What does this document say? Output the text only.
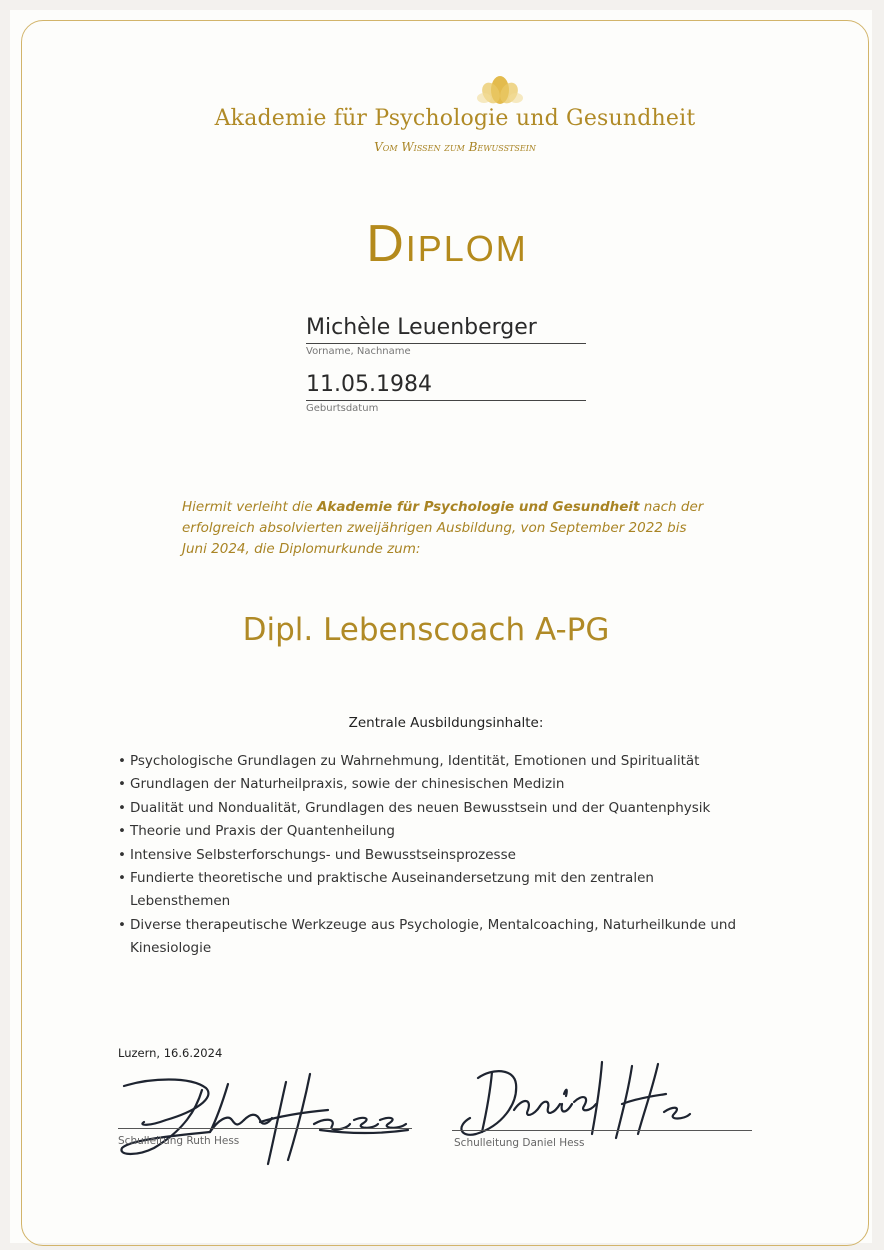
Akademie für Psychologie und Gesundheit
Vom Wissen zum Bewusstsein
Diplom
Michèle Leuenberger
Vorname, Nachname
11.05.1984
Geburtsdatum
Hiermit verleiht die Akademie für Psychologie und Gesundheit nach der erfolgreich absolvierten zweijährigen Ausbildung, von September 2022 bis Juni 2024, die Diplomurkunde zum:
Dipl. Lebenscoach A-PG
Zentrale Ausbildungsinhalte:
• Psychologische Grundlagen zu Wahrnehmung, Identität, Emotionen und Spiritualität
• Grundlagen der Naturheilpraxis, sowie der chinesischen Medizin
• Dualität und Nondualität, Grundlagen des neuen Bewusstsein und der Quantenphysik
• Theorie und Praxis der Quantenheilung
• Intensive Selbsterforschungs- und Bewusstseinsprozesse
• Fundierte theoretische und praktische Auseinandersetzung mit den zentralen Lebensthemen
• Diverse therapeutische Werkzeuge aus Psychologie, Mentalcoaching, Naturheilkunde und Kinesiologie
Luzern, 16.6.2024
Schulleitung Ruth Hess	Schulleitung Daniel Hess
